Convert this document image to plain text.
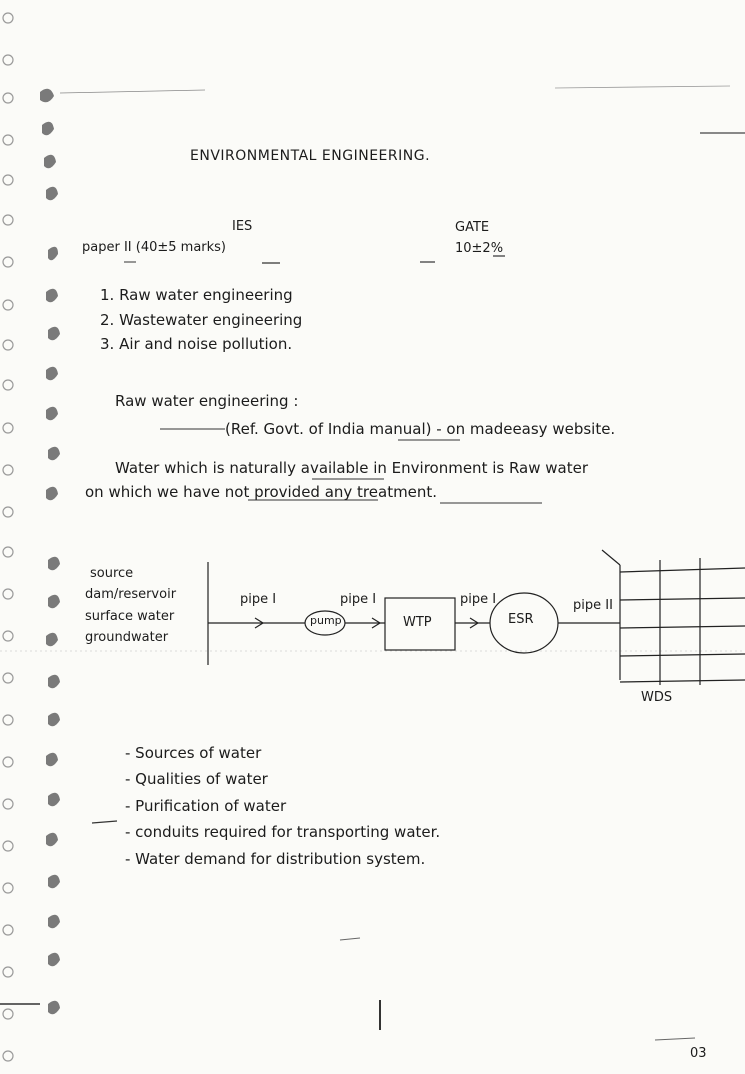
ENVIRONMENTAL ENGINEERING.
IES	GATE
paper II (40±5 marks)	10±2%
1. Raw water engineering
2. Wastewater engineering
3. Air and noise pollution.
Raw water engineering :
(Ref. Govt. of India manual) - on madeeasy website.
Water which is naturally available in Environment is Raw water
on which we have not provided any treatment.
source
dam/reservoir
surface water
groundwater
pipe I
pump
pipe I
WTP
pipe I
ESR
pipe II
WDS
- Sources of water
- Qualities of water
- Purification of water
- conduits required for transporting water.
- Water demand for distribution system.
03
